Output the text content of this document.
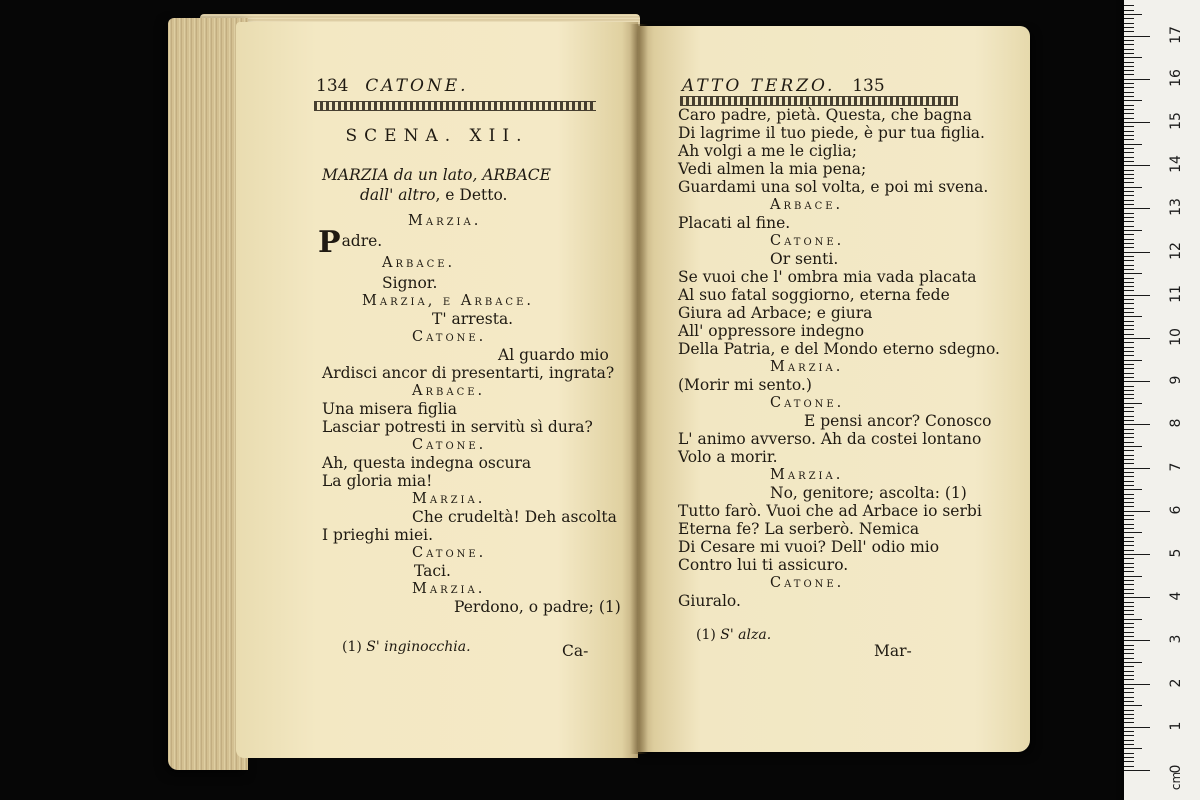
134 CATONE.
SCENA. XII.
MARZIA da un lato, ARBACE
dall' altro, e Detto.
Marzia.
Padre.
Arbace.
Signor.
Marzia, e Arbace.
T' arresta.
Catone.
Al guardo mio
Ardisci ancor di presentarti, ingrata?
Arbace.
Una misera figlia
Lasciar potresti in servitù sì dura?
Catone.
Ah, questa indegna oscura
La gloria mia!
Marzia.
Che crudeltà! Deh ascolta
I prieghi miei.
Catone.
Taci.
Marzia.
Perdono, o padre; (1)
(1) S' inginocchia.	Ca-
ATTO TERZO. 135
Caro padre, pietà. Questa, che bagna
Di lagrime il tuo piede, è pur tua figlia.
Ah volgi a me le ciglia;
Vedi almen la mia pena;
Guardami una sol volta, e poi mi svena.
Arbace.
Placati al fine.
Catone.
Or senti.
Se vuoi che l' ombra mia vada placata
Al suo fatal soggiorno, eterna fede
Giura ad Arbace; e giura
All' oppressore indegno
Della Patria, e del Mondo eterno sdegno.
Marzia.
(Morir mi sento.)
Catone.
E pensi ancor? Conosco
L' animo avverso. Ah da costei lontano
Volo a morir.
Marzia.
No, genitore; ascolta: (1)
Tutto farò. Vuoi che ad Arbace io serbi
Eterna fe? La serberò. Nemica
Di Cesare mi vuoi? Dell' odio mio
Contro lui ti assicuro.
Catone.
Giuralo.
(1) S' alza.
Mar-
0
1
2
3
4
5
6
7
8
9
10
11
12
13
14
15
16
17
cm
